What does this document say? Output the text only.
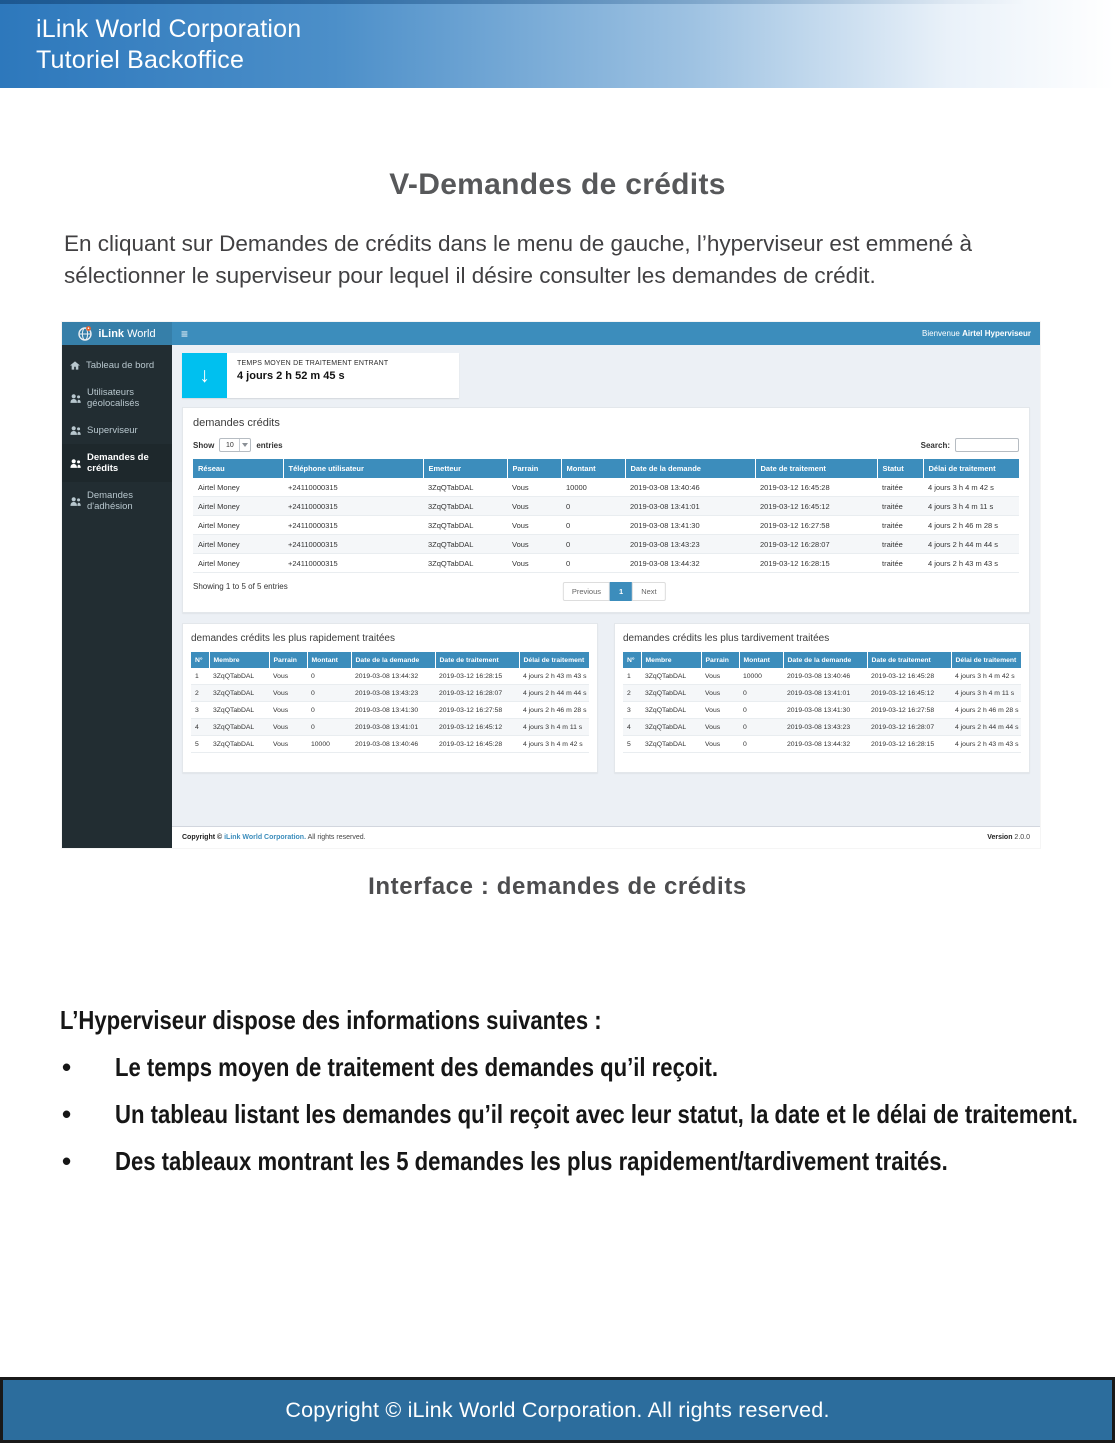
iLink World Corporation
Tutoriel Backoffice
V-Demandes de crédits

En cliquant sur Demandes de crédits dans le menu de gauche, l’hyperviseur est emmené à sélectionner le superviseur pour lequel il désire consulter les demandes de crédit.

iLink World ≡	Bienvenue Airtel Hyperviseur
Tableau de bord
Utilisateurs géolocalisés
Superviseur
Demandes de crédits
Demandes d'adhésion
↓	TEMPS MOYEN DE TRAITEMENT ENTRANT
4 jours 2 h 52 m 45 s
demandes crédits
Show	10	entries	Search:
Réseau	Téléphone utilisateur	Emetteur	Parrain	Montant	Date de la demande	Date de traitement	Statut	Délai de traitement
Airtel Money	+24110000315	3ZqQTabDAL	Vous	10000	2019-03-08 13:40:46	2019-03-12 16:45:28	traitée	4 jours 3 h 4 m 42 s
Airtel Money	+24110000315	3ZqQTabDAL	Vous	0	2019-03-08 13:41:01	2019-03-12 16:45:12	traitée	4 jours 3 h 4 m 11 s
Airtel Money	+24110000315	3ZqQTabDAL	Vous	0	2019-03-08 13:41:30	2019-03-12 16:27:58	traitée	4 jours 2 h 46 m 28 s
Airtel Money	+24110000315	3ZqQTabDAL	Vous	0	2019-03-08 13:43:23	2019-03-12 16:28:07	traitée	4 jours 2 h 44 m 44 s
Airtel Money	+24110000315	3ZqQTabDAL	Vous	0	2019-03-08 13:44:32	2019-03-12 16:28:15	traitée	4 jours 2 h 43 m 43 s
Showing 1 to 5 of 5 entries
Previous	1	Next
demandes crédits les plus rapidement traitées
N°	Membre	Parrain	Montant	Date de la demande	Date de traitement	Délai de traitement
1	3ZqQTabDAL	Vous	0	2019-03-08 13:44:32	2019-03-12 16:28:15	4 jours 2 h 43 m 43 s
2	3ZqQTabDAL	Vous	0	2019-03-08 13:43:23	2019-03-12 16:28:07	4 jours 2 h 44 m 44 s
3	3ZqQTabDAL	Vous	0	2019-03-08 13:41:30	2019-03-12 16:27:58	4 jours 2 h 46 m 28 s
4	3ZqQTabDAL	Vous	0	2019-03-08 13:41:01	2019-03-12 16:45:12	4 jours 3 h 4 m 11 s
5	3ZqQTabDAL	Vous	10000	2019-03-08 13:40:46	2019-03-12 16:45:28	4 jours 3 h 4 m 42 s
demandes crédits les plus tardivement traitées
N°	Membre	Parrain	Montant	Date de la demande	Date de traitement	Délai de traitement
1	3ZqQTabDAL	Vous	10000	2019-03-08 13:40:46	2019-03-12 16:45:28	4 jours 3 h 4 m 42 s
2	3ZqQTabDAL	Vous	0	2019-03-08 13:41:01	2019-03-12 16:45:12	4 jours 3 h 4 m 11 s
3	3ZqQTabDAL	Vous	0	2019-03-08 13:41:30	2019-03-12 16:27:58	4 jours 2 h 46 m 28 s
4	3ZqQTabDAL	Vous	0	2019-03-08 13:43:23	2019-03-12 16:28:07	4 jours 2 h 44 m 44 s
5	3ZqQTabDAL	Vous	0	2019-03-08 13:44:32	2019-03-12 16:28:15	4 jours 2 h 43 m 43 s
Copyright © iLink World Corporation. All rights reserved.	Version 2.0.0
Interface : demandes de crédits
L’Hyperviseur dispose des informations suivantes :
• Le temps moyen de traitement des demandes qu’il reçoit.
• Un tableau listant les demandes qu’il reçoit avec leur statut, la date et le délai de traitement.
• Des tableaux montrant les 5 demandes les plus rapidement/tardivement traités.
Copyright © iLink World Corporation. All rights reserved.
